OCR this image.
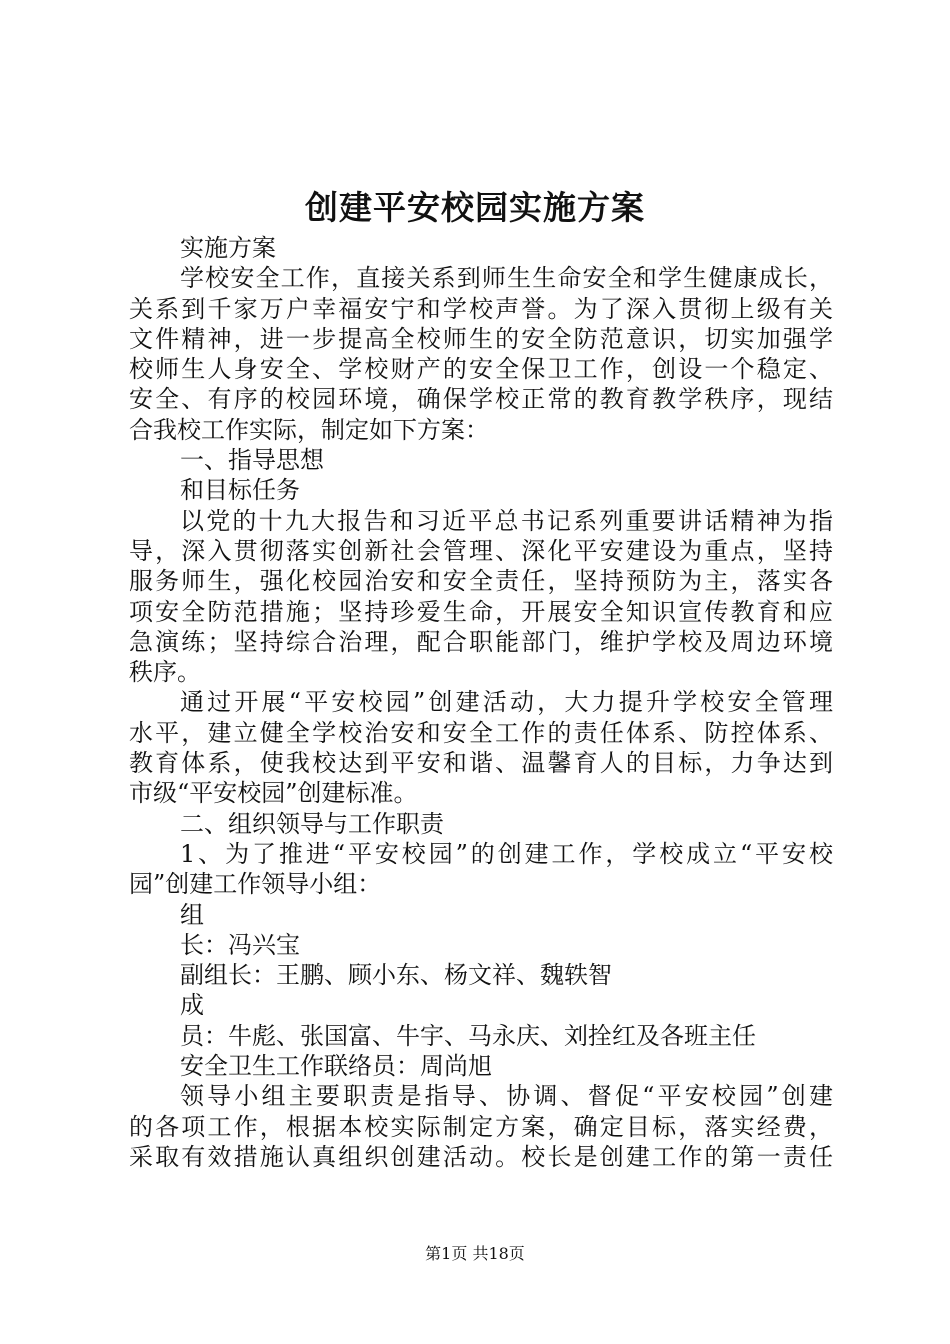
创建平安校园实施方案
实施方案
学校安全工作，直接关系到师生生命安全和学生健康成长，
关系到千家万户幸福安宁和学校声誉。为了深入贯彻上级有关
文件精神，进一步提高全校师生的安全防范意识，切实加强学
校师生人身安全、学校财产的安全保卫工作，创设一个稳定、
安全、有序的校园环境，确保学校正常的教育教学秩序，现结
合我校工作实际，制定如下方案：
一、指导思想
和目标任务
以党的十九大报告和习近平总书记系列重要讲话精神为指
导，深入贯彻落实创新社会管理、深化平安建设为重点，坚持
服务师生，强化校园治安和安全责任，坚持预防为主，落实各
项安全防范措施；坚持珍爱生命，开展安全知识宣传教育和应
急演练；坚持综合治理，配合职能部门，维护学校及周边环境
秩序。
通过开展“平安校园”创建活动，大力提升学校安全管理
水平，建立健全学校治安和安全工作的责任体系、防控体系、
教育体系，使我校达到平安和谐、温馨育人的目标，力争达到
市级“平安校园”创建标准。
二、组织领导与工作职责
1、为了推进“平安校园”的创建工作，学校成立“平安校
园”创建工作领导小组：
组
长：冯兴宝
副组长：王鹏、顾小东、杨文祥、魏轶智
成
员：牛彪、张国富、牛宇、马永庆、刘拴红及各班主任
安全卫生工作联络员：周尚旭
领导小组主要职责是指导、协调、督促“平安校园”创建
的各项工作，根据本校实际制定方案，确定目标，落实经费，
采取有效措施认真组织创建活动。校长是创建工作的第一责任
第1页 共18页
